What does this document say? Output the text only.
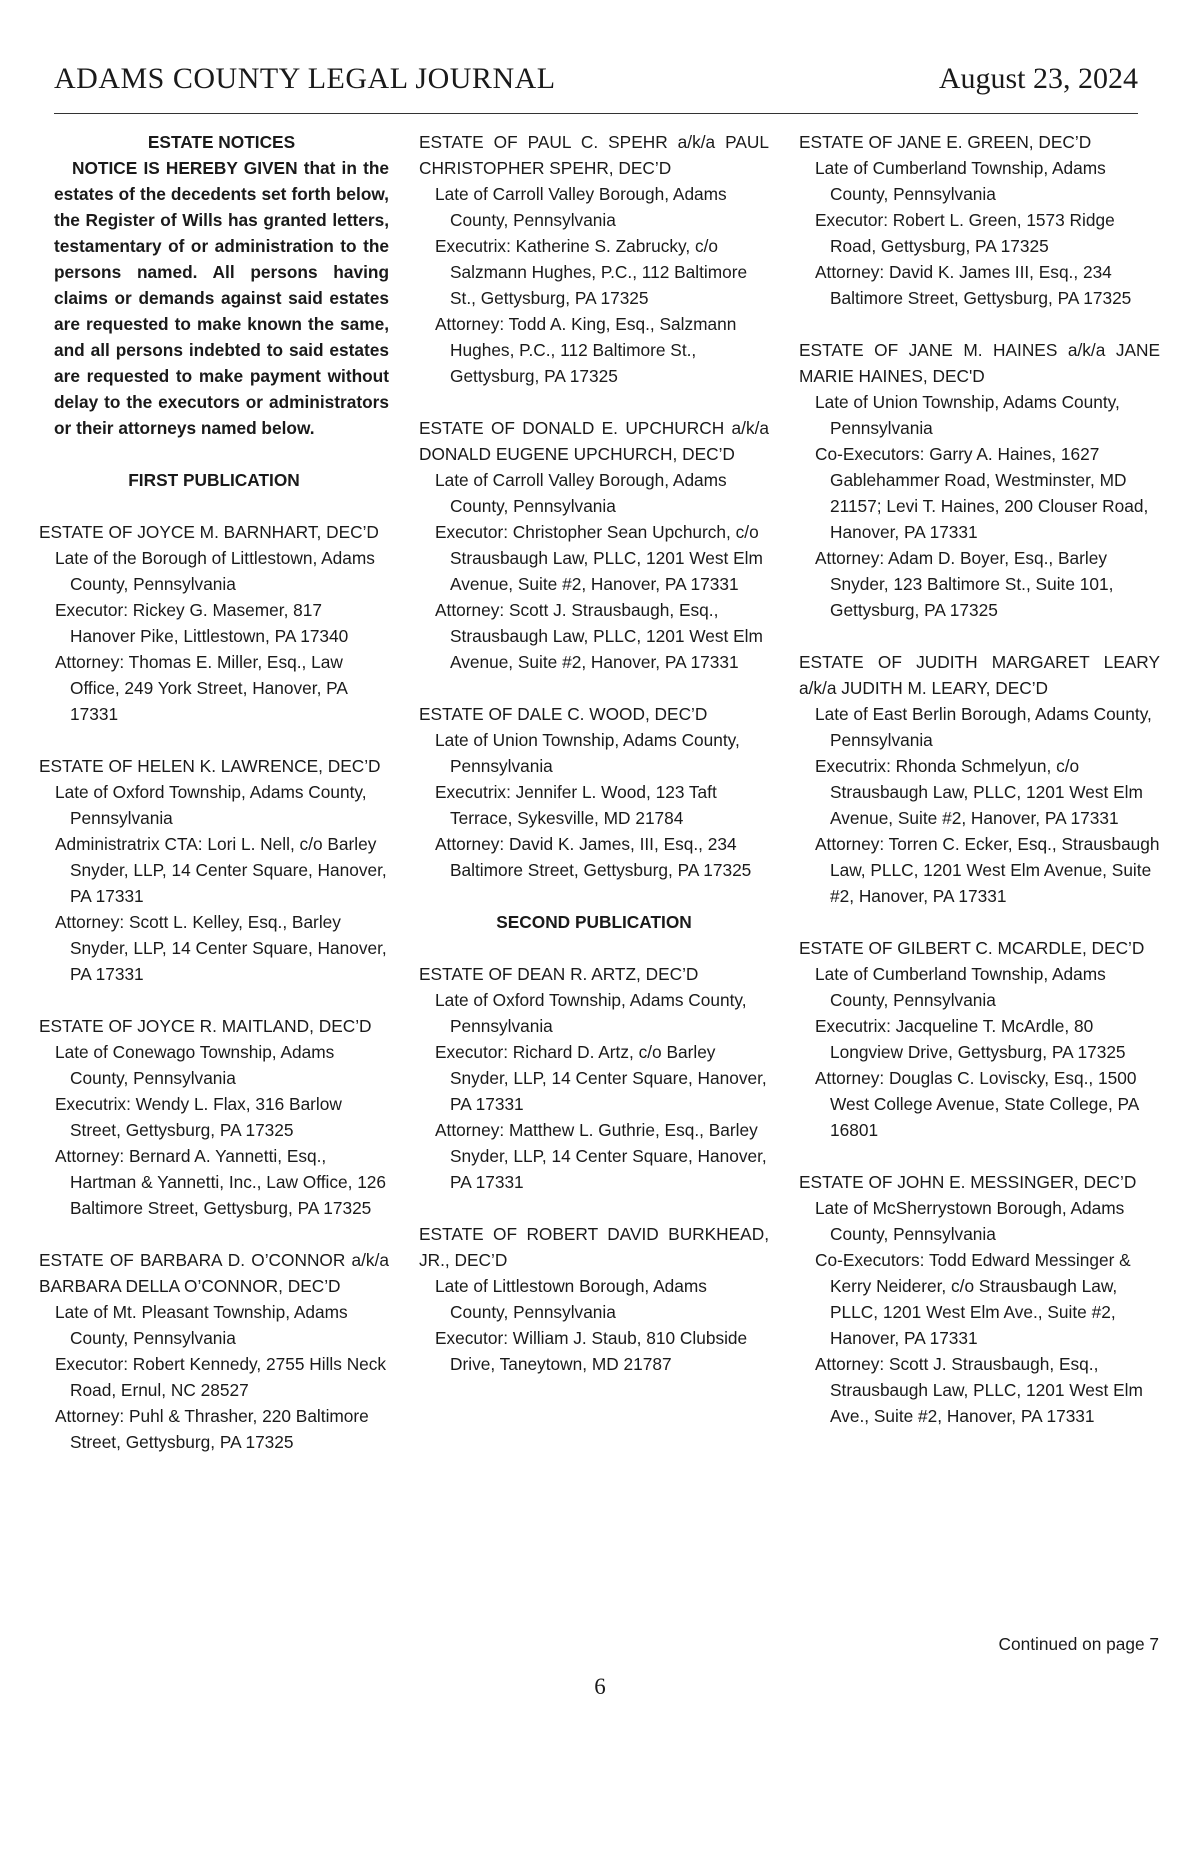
ADAMS COUNTY LEGAL JOURNAL	August 23, 2024
ESTATE NOTICES
NOTICE IS HEREBY GIVEN that in the estates of the decedents set forth below, the Register of Wills has granted letters, testamentary of or administration to the persons named. All persons having claims or demands against said estates are requested to make known the same, and all persons indebted to said estates are requested to make payment without delay to the executors or administrators or their attorneys named below.
FIRST PUBLICATION
ESTATE OF JOYCE M. BARNHART, DEC’D
Late of the Borough of Littlestown, Adams County, Pennsylvania
Executor: Rickey G. Masemer, 817 Hanover Pike, Littlestown, PA 17340
Attorney: Thomas E. Miller, Esq., Law Office, 249 York Street, Hanover, PA 17331
ESTATE OF HELEN K. LAWRENCE, DEC’D
Late of Oxford Township, Adams County, Pennsylvania
Administratrix CTA: Lori L. Nell, c/o Barley Snyder, LLP, 14 Center Square, Hanover, PA 17331
Attorney: Scott L. Kelley, Esq., Barley Snyder, LLP, 14 Center Square, Hanover, PA 17331
ESTATE OF JOYCE R. MAITLAND, DEC’D
Late of Conewago Township, Adams County, Pennsylvania
Executrix: Wendy L. Flax, 316 Barlow Street, Gettysburg, PA 17325
Attorney: Bernard A. Yannetti, Esq., Hartman & Yannetti, Inc., Law Office, 126 Baltimore Street, Gettysburg, PA 17325
ESTATE OF BARBARA D. O’CONNOR a/k/a BARBARA DELLA O’CONNOR, DEC’D
Late of Mt. Pleasant Township, Adams County, Pennsylvania
Executor: Robert Kennedy, 2755 Hills Neck Road, Ernul, NC 28527
Attorney: Puhl & Thrasher, 220 Baltimore Street, Gettysburg, PA 17325
ESTATE OF PAUL C. SPEHR a/k/a PAUL CHRISTOPHER SPEHR, DEC’D
Late of Carroll Valley Borough, Adams County, Pennsylvania
Executrix: Katherine S. Zabrucky, c/o Salzmann Hughes, P.C., 112 Baltimore St., Gettysburg, PA 17325
Attorney: Todd A. King, Esq., Salzmann Hughes, P.C., 112 Baltimore St., Gettysburg, PA 17325
ESTATE OF DONALD E. UPCHURCH a/k/a DONALD EUGENE UPCHURCH, DEC’D
Late of Carroll Valley Borough, Adams County, Pennsylvania
Executor: Christopher Sean Upchurch, c/o Strausbaugh Law, PLLC, 1201 West Elm Avenue, Suite #2, Hanover, PA 17331
Attorney: Scott J. Strausbaugh, Esq., Strausbaugh Law, PLLC, 1201 West Elm Avenue, Suite #2, Hanover, PA 17331
ESTATE OF DALE C. WOOD, DEC’D
Late of Union Township, Adams County, Pennsylvania
Executrix: Jennifer L. Wood, 123 Taft Terrace, Sykesville, MD 21784
Attorney: David K. James, III, Esq., 234 Baltimore Street, Gettysburg, PA 17325
SECOND PUBLICATION
ESTATE OF DEAN R. ARTZ, DEC’D
Late of Oxford Township, Adams County, Pennsylvania
Executor: Richard D. Artz, c/o Barley Snyder, LLP, 14 Center Square, Hanover, PA 17331
Attorney: Matthew L. Guthrie, Esq., Barley Snyder, LLP, 14 Center Square, Hanover, PA 17331
ESTATE OF ROBERT DAVID BURKHEAD, JR., DEC’D
Late of Littlestown Borough, Adams County, Pennsylvania
Executor: William J. Staub, 810 Clubside Drive, Taneytown, MD 21787
ESTATE OF JANE E. GREEN, DEC’D
Late of Cumberland Township, Adams County, Pennsylvania
Executor: Robert L. Green, 1573 Ridge Road, Gettysburg, PA 17325
Attorney: David K. James III, Esq., 234 Baltimore Street, Gettysburg, PA 17325
ESTATE OF JANE M. HAINES a/k/a JANE MARIE HAINES, DEC'D
Late of Union Township, Adams County, Pennsylvania
Co-Executors: Garry A. Haines, 1627 Gablehammer Road, Westminster, MD 21157; Levi T. Haines, 200 Clouser Road, Hanover, PA 17331
Attorney: Adam D. Boyer, Esq., Barley Snyder, 123 Baltimore St., Suite 101, Gettysburg, PA 17325
ESTATE OF JUDITH MARGARET LEARY a/k/a JUDITH M. LEARY, DEC’D
Late of East Berlin Borough, Adams County, Pennsylvania
Executrix: Rhonda Schmelyun, c/o Strausbaugh Law, PLLC, 1201 West Elm Avenue, Suite #2, Hanover, PA 17331
Attorney: Torren C. Ecker, Esq., Strausbaugh Law, PLLC, 1201 West Elm Avenue, Suite #2, Hanover, PA 17331
ESTATE OF GILBERT C. MCARDLE, DEC’D
Late of Cumberland Township, Adams County, Pennsylvania
Executrix: Jacqueline T. McArdle, 80 Longview Drive, Gettysburg, PA 17325
Attorney: Douglas C. Loviscky, Esq., 1500 West College Avenue, State College, PA 16801
ESTATE OF JOHN E. MESSINGER, DEC’D
Late of McSherrystown Borough, Adams County, Pennsylvania
Co-Executors: Todd Edward Messinger & Kerry Neiderer, c/o Strausbaugh Law, PLLC, 1201 West Elm Ave., Suite #2, Hanover, PA 17331
Attorney: Scott J. Strausbaugh, Esq., Strausbaugh Law, PLLC, 1201 West Elm Ave., Suite #2, Hanover, PA 17331
Continued on page 7
6
